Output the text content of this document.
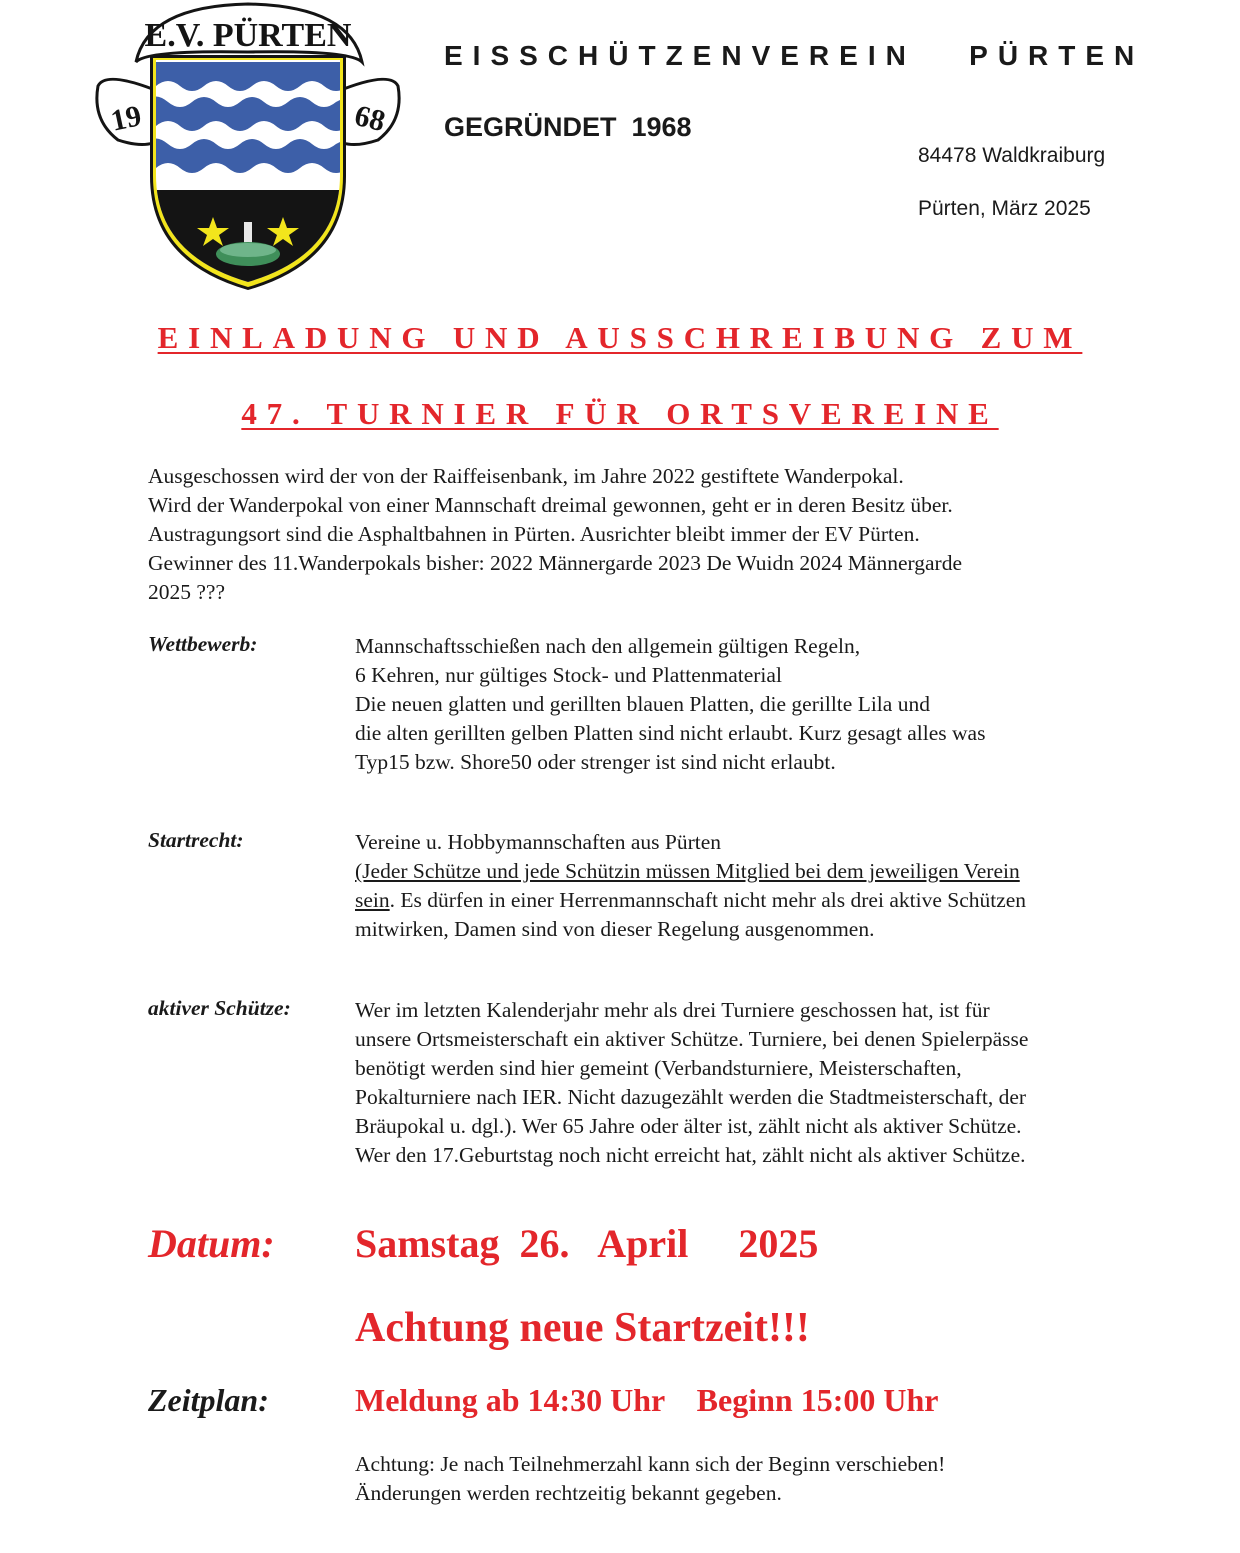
E.V. PÜRTEN
19	68
EISSCHÜTZENVEREIN   PÜRTEN
GEGRÜNDET  1968
84478 Waldkraiburg
Pürten, März 2025
EINLADUNG UND AUSSCHREIBUNG ZUM
47. TURNIER FÜR ORTSVEREINE
Ausgeschossen wird der von der Raiffeisenbank, im Jahre 2022 gestiftete Wanderpokal.
Wird der Wanderpokal von einer Mannschaft dreimal gewonnen, geht er in deren Besitz über.
Austragungsort sind die Asphaltbahnen in Pürten. Ausrichter bleibt immer der EV Pürten.
Gewinner des 11.Wanderpokals bisher: 2022 Männergarde 2023 De Wuidn 2024 Männergarde
2025 ???
Wettbewerb:	Mannschaftsschießen nach den allgemein gültigen Regeln,
6 Kehren, nur gültiges Stock- und Plattenmaterial
Die neuen glatten und gerillten blauen Platten, die gerillte Lila und
die alten gerillten gelben Platten sind nicht erlaubt. Kurz gesagt alles was
Typ15 bzw. Shore50 oder strenger ist sind nicht erlaubt.
Startrecht:	Vereine u. Hobbymannschaften aus Pürten
(Jeder Schütze und jede Schützin müssen Mitglied bei dem jeweiligen Verein
sein. Es dürfen in einer Herrenmannschaft nicht mehr als drei aktive Schützen
mitwirken, Damen sind von dieser Regelung ausgenommen.
aktiver Schütze:	Wer im letzten Kalenderjahr mehr als drei Turniere geschossen hat, ist für
unsere Ortsmeisterschaft ein aktiver Schütze. Turniere, bei denen Spielerpässe
benötigt werden sind hier gemeint (Verbandsturniere, Meisterschaften,
Pokalturniere nach IER. Nicht dazugezählt werden die Stadtmeisterschaft, der
Bräupokal u. dgl.). Wer 65 Jahre oder älter ist, zählt nicht als aktiver Schütze.
Wer den 17.Geburtstag noch nicht erreicht hat, zählt nicht als aktiver Schütze.
Datum: Samstag  26.   April     2025
Achtung neue Startzeit!!!
Zeitplan:	Meldung ab 14:30 Uhr    Beginn 15:00 Uhr
Achtung: Je nach Teilnehmerzahl kann sich der Beginn verschieben!
Änderungen werden rechtzeitig bekannt gegeben.
